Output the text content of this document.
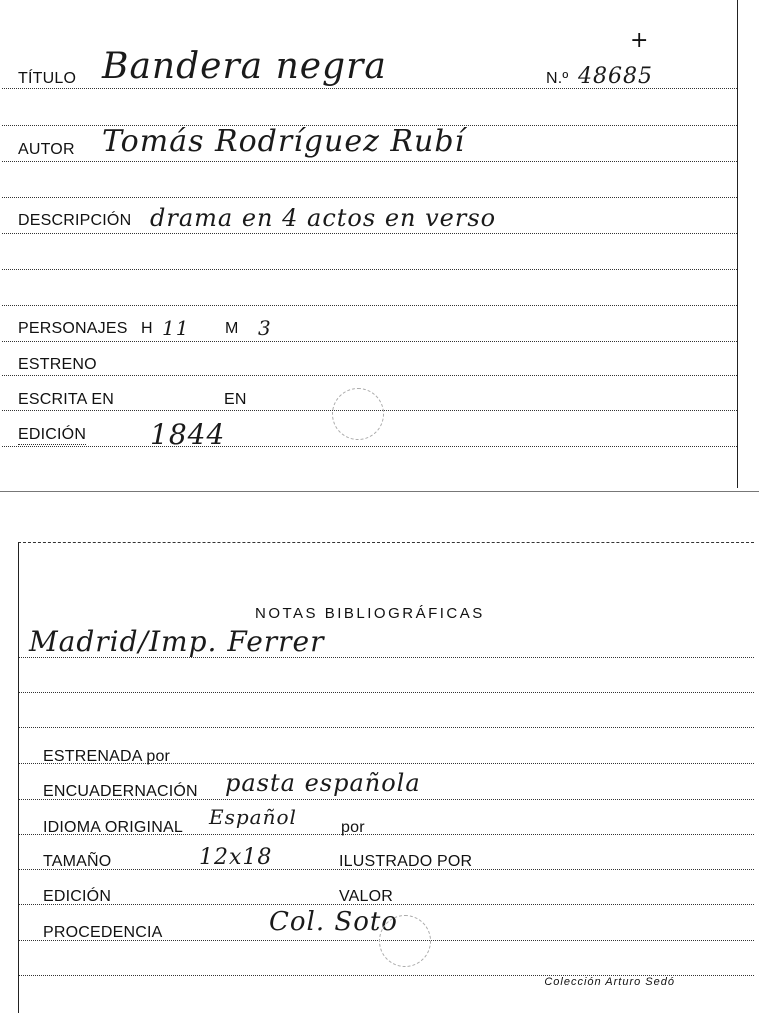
+
TÍTULO Bandera negra	N.º 48685
AUTOR Tomás Rodríguez Rubí
DESCRIPCIÓN drama en 4 actos en verso
PERSONAJES H 11 M 3
ESTRENO
ESCRITA EN	EN
EDICIÓN 1844
NOTAS BIBLIOGRÁFICAS
Madrid/Imp. Ferrer
ESTRENADA por
ENCUADERNACIÓN pasta española
IDIOMA ORIGINAL Español	por
TAMAÑO	12x18	ILUSTRADO POR
EDICIÓN	VALOR
PROCEDENCIA	Col. Soto
Colección Arturo Sedó
